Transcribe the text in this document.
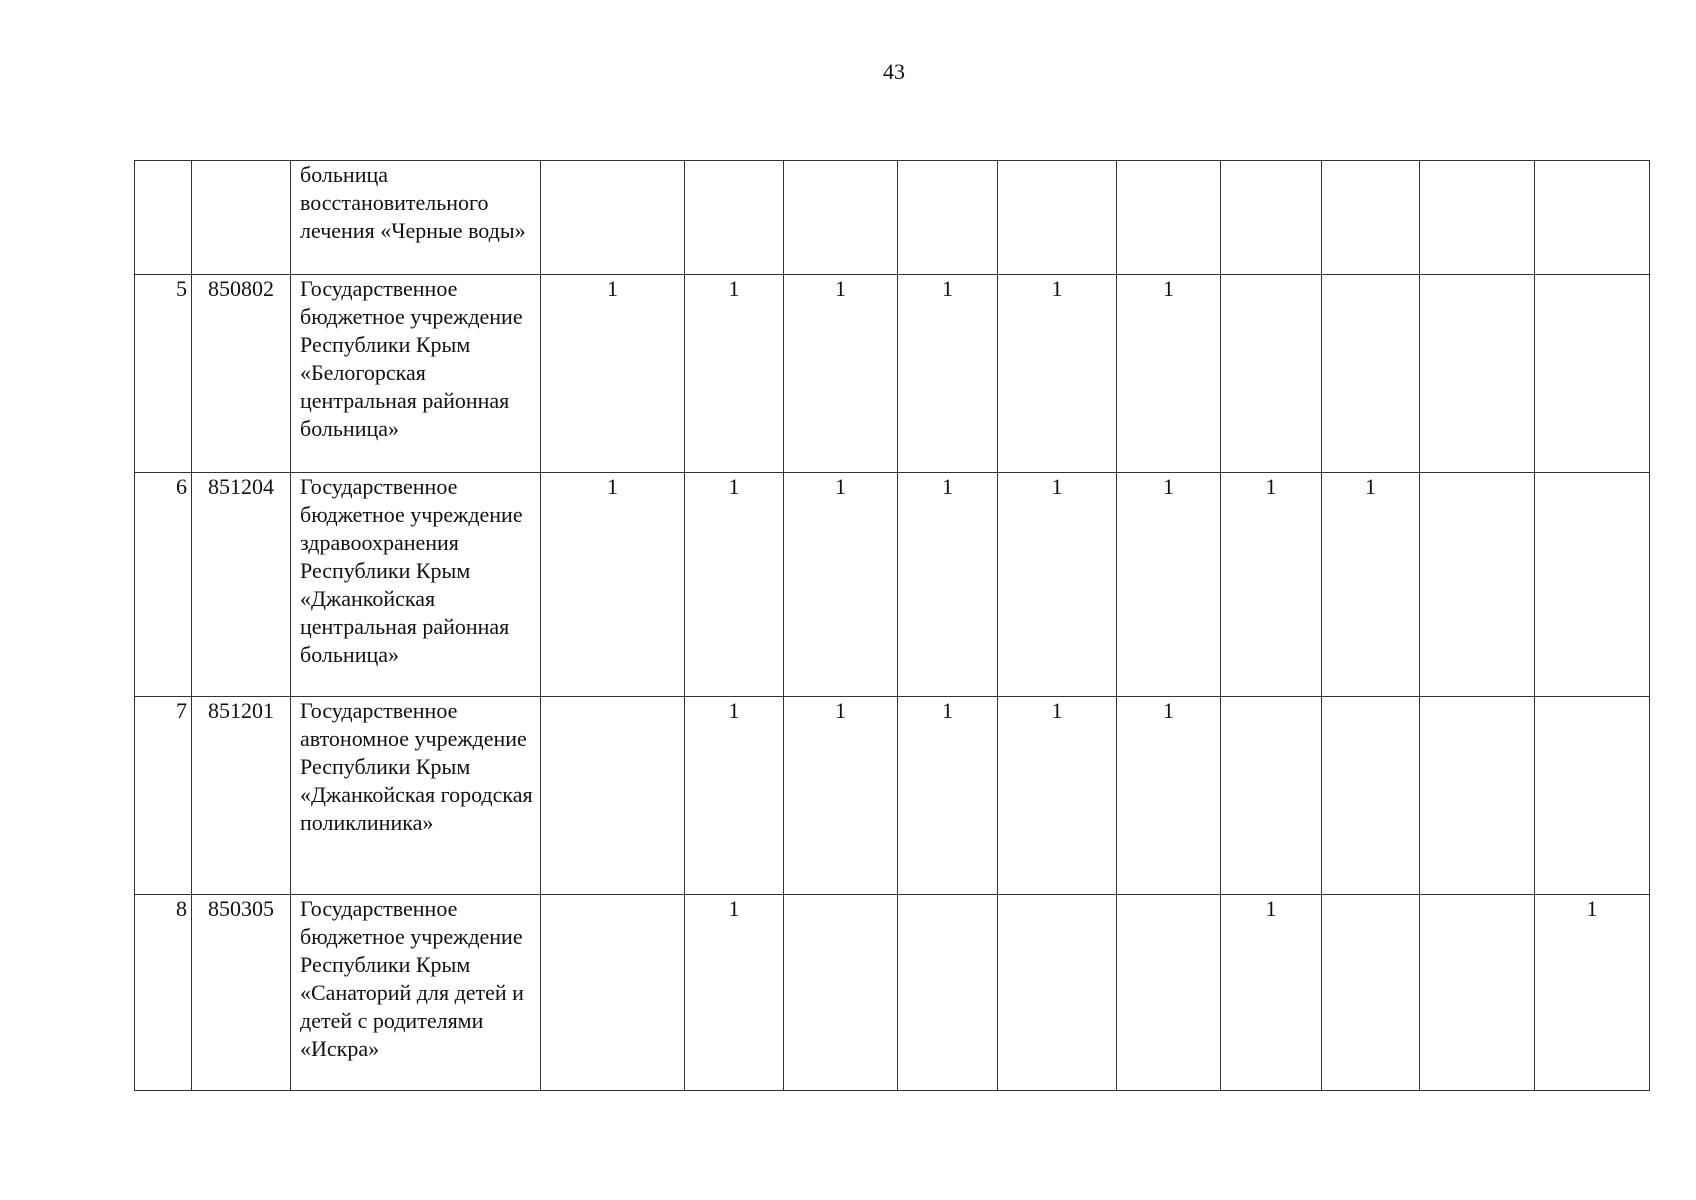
43
		больница восстановительного лечения «Черные воды»										
5	850802	Государственное бюджетное учреждение Республики Крым «Белогорская центральная районная больница»	1	1	1	1	1	1				
6	851204	Государственное бюджетное учреждение здравоохранения Республики Крым «Джанкойская центральная районная больница»	1	1	1	1	1	1	1	1		
7	851201	Государственное автономное учреждение Республики Крым «Джанкойская городская поликлиника»		1	1	1	1	1				
8	850305	Государственное бюджетное учреждение Республики Крым «Санаторий для детей и детей с родителями «Искра»		1					1			1
